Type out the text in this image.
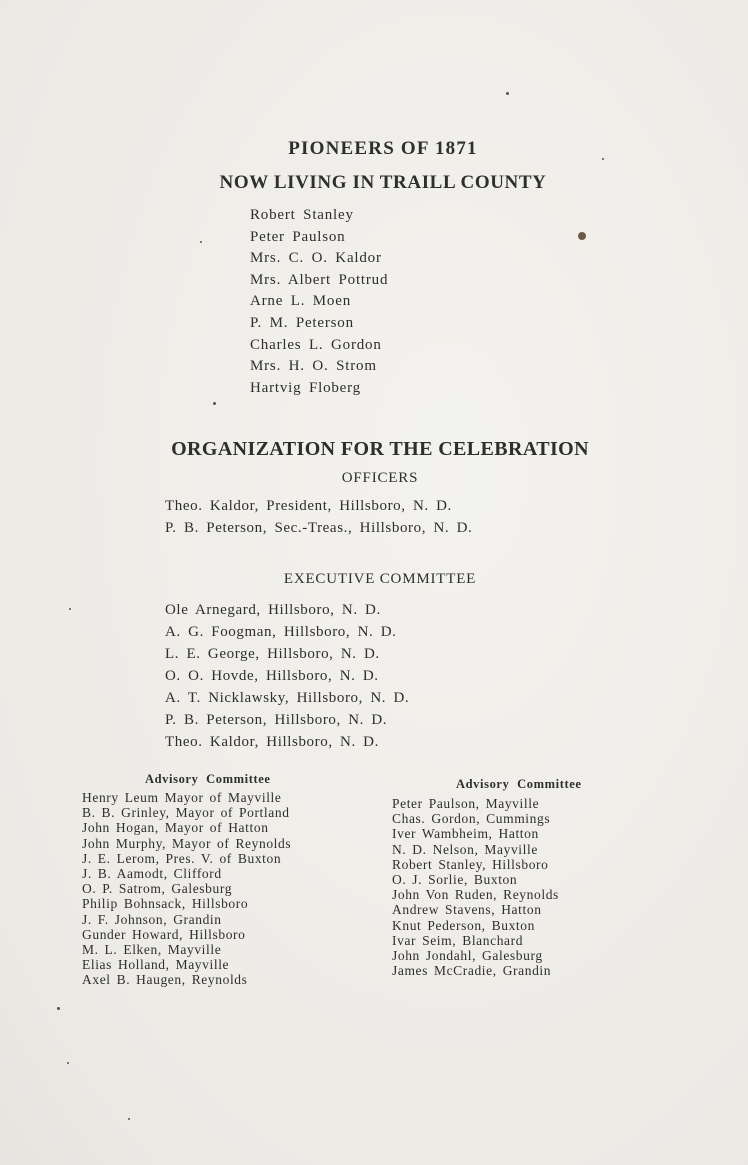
PIONEERS OF 1871
NOW LIVING IN TRAILL COUNTY
Robert Stanley
Peter Paulson
Mrs. C. O. Kaldor
Mrs. Albert Pottrud
Arne L. Moen
P. M. Peterson
Charles L. Gordon
Mrs. H. O. Strom
Hartvig Floberg
ORGANIZATION FOR THE CELEBRATION
OFFICERS
Theo. Kaldor, President, Hillsboro, N. D.
P. B. Peterson, Sec.-Treas., Hillsboro, N. D.
EXECUTIVE COMMITTEE
Ole Arnegard, Hillsboro, N. D.
A. G. Foogman, Hillsboro, N. D.
L. E. George, Hillsboro, N. D.
O. O. Hovde, Hillsboro, N. D.
A. T. Nicklawsky, Hillsboro, N. D.
P. B. Peterson, Hillsboro, N. D.
Theo. Kaldor, Hillsboro, N. D.
Advisory Committee	Advisory Committee
Henry Leum Mayor of Mayville
B. B. Grinley, Mayor of Portland
John Hogan, Mayor of Hatton
John Murphy, Mayor of Reynolds
J. E. Lerom, Pres. V. of Buxton
J. B. Aamodt, Clifford
O. P. Satrom, Galesburg
Philip Bohnsack, Hillsboro
J. F. Johnson, Grandin
Gunder Howard, Hillsboro
M. L. Elken, Mayville
Elias Holland, Mayville
Axel B. Haugen, Reynolds
Peter Paulson, Mayville
Chas. Gordon, Cummings
Iver Wambheim, Hatton
N. D. Nelson, Mayville
Robert Stanley, Hillsboro
O. J. Sorlie, Buxton
John Von Ruden, Reynolds
Andrew Stavens, Hatton
Knut Pederson, Buxton
Ivar Seim, Blanchard
John Jondahl, Galesburg
James McCradie, Grandin
